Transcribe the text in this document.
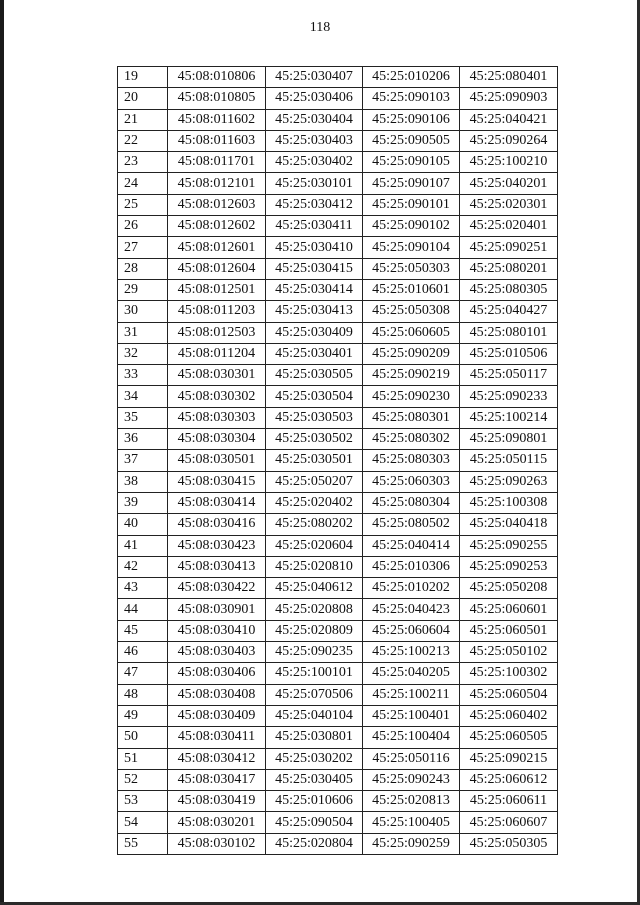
118
19	45:08:010806	45:25:030407	45:25:010206	45:25:080401
20	45:08:010805	45:25:030406	45:25:090103	45:25:090903
21	45:08:011602	45:25:030404	45:25:090106	45:25:040421
22	45:08:011603	45:25:030403	45:25:090505	45:25:090264
23	45:08:011701	45:25:030402	45:25:090105	45:25:100210
24	45:08:012101	45:25:030101	45:25:090107	45:25:040201
25	45:08:012603	45:25:030412	45:25:090101	45:25:020301
26	45:08:012602	45:25:030411	45:25:090102	45:25:020401
27	45:08:012601	45:25:030410	45:25:090104	45:25:090251
28	45:08:012604	45:25:030415	45:25:050303	45:25:080201
29	45:08:012501	45:25:030414	45:25:010601	45:25:080305
30	45:08:011203	45:25:030413	45:25:050308	45:25:040427
31	45:08:012503	45:25:030409	45:25:060605	45:25:080101
32	45:08:011204	45:25:030401	45:25:090209	45:25:010506
33	45:08:030301	45:25:030505	45:25:090219	45:25:050117
34	45:08:030302	45:25:030504	45:25:090230	45:25:090233
35	45:08:030303	45:25:030503	45:25:080301	45:25:100214
36	45:08:030304	45:25:030502	45:25:080302	45:25:090801
37	45:08:030501	45:25:030501	45:25:080303	45:25:050115
38	45:08:030415	45:25:050207	45:25:060303	45:25:090263
39	45:08:030414	45:25:020402	45:25:080304	45:25:100308
40	45:08:030416	45:25:080202	45:25:080502	45:25:040418
41	45:08:030423	45:25:020604	45:25:040414	45:25:090255
42	45:08:030413	45:25:020810	45:25:010306	45:25:090253
43	45:08:030422	45:25:040612	45:25:010202	45:25:050208
44	45:08:030901	45:25:020808	45:25:040423	45:25:060601
45	45:08:030410	45:25:020809	45:25:060604	45:25:060501
46	45:08:030403	45:25:090235	45:25:100213	45:25:050102
47	45:08:030406	45:25:100101	45:25:040205	45:25:100302
48	45:08:030408	45:25:070506	45:25:100211	45:25:060504
49	45:08:030409	45:25:040104	45:25:100401	45:25:060402
50	45:08:030411	45:25:030801	45:25:100404	45:25:060505
51	45:08:030412	45:25:030202	45:25:050116	45:25:090215
52	45:08:030417	45:25:030405	45:25:090243	45:25:060612
53	45:08:030419	45:25:010606	45:25:020813	45:25:060611
54	45:08:030201	45:25:090504	45:25:100405	45:25:060607
55	45:08:030102	45:25:020804	45:25:090259	45:25:050305
